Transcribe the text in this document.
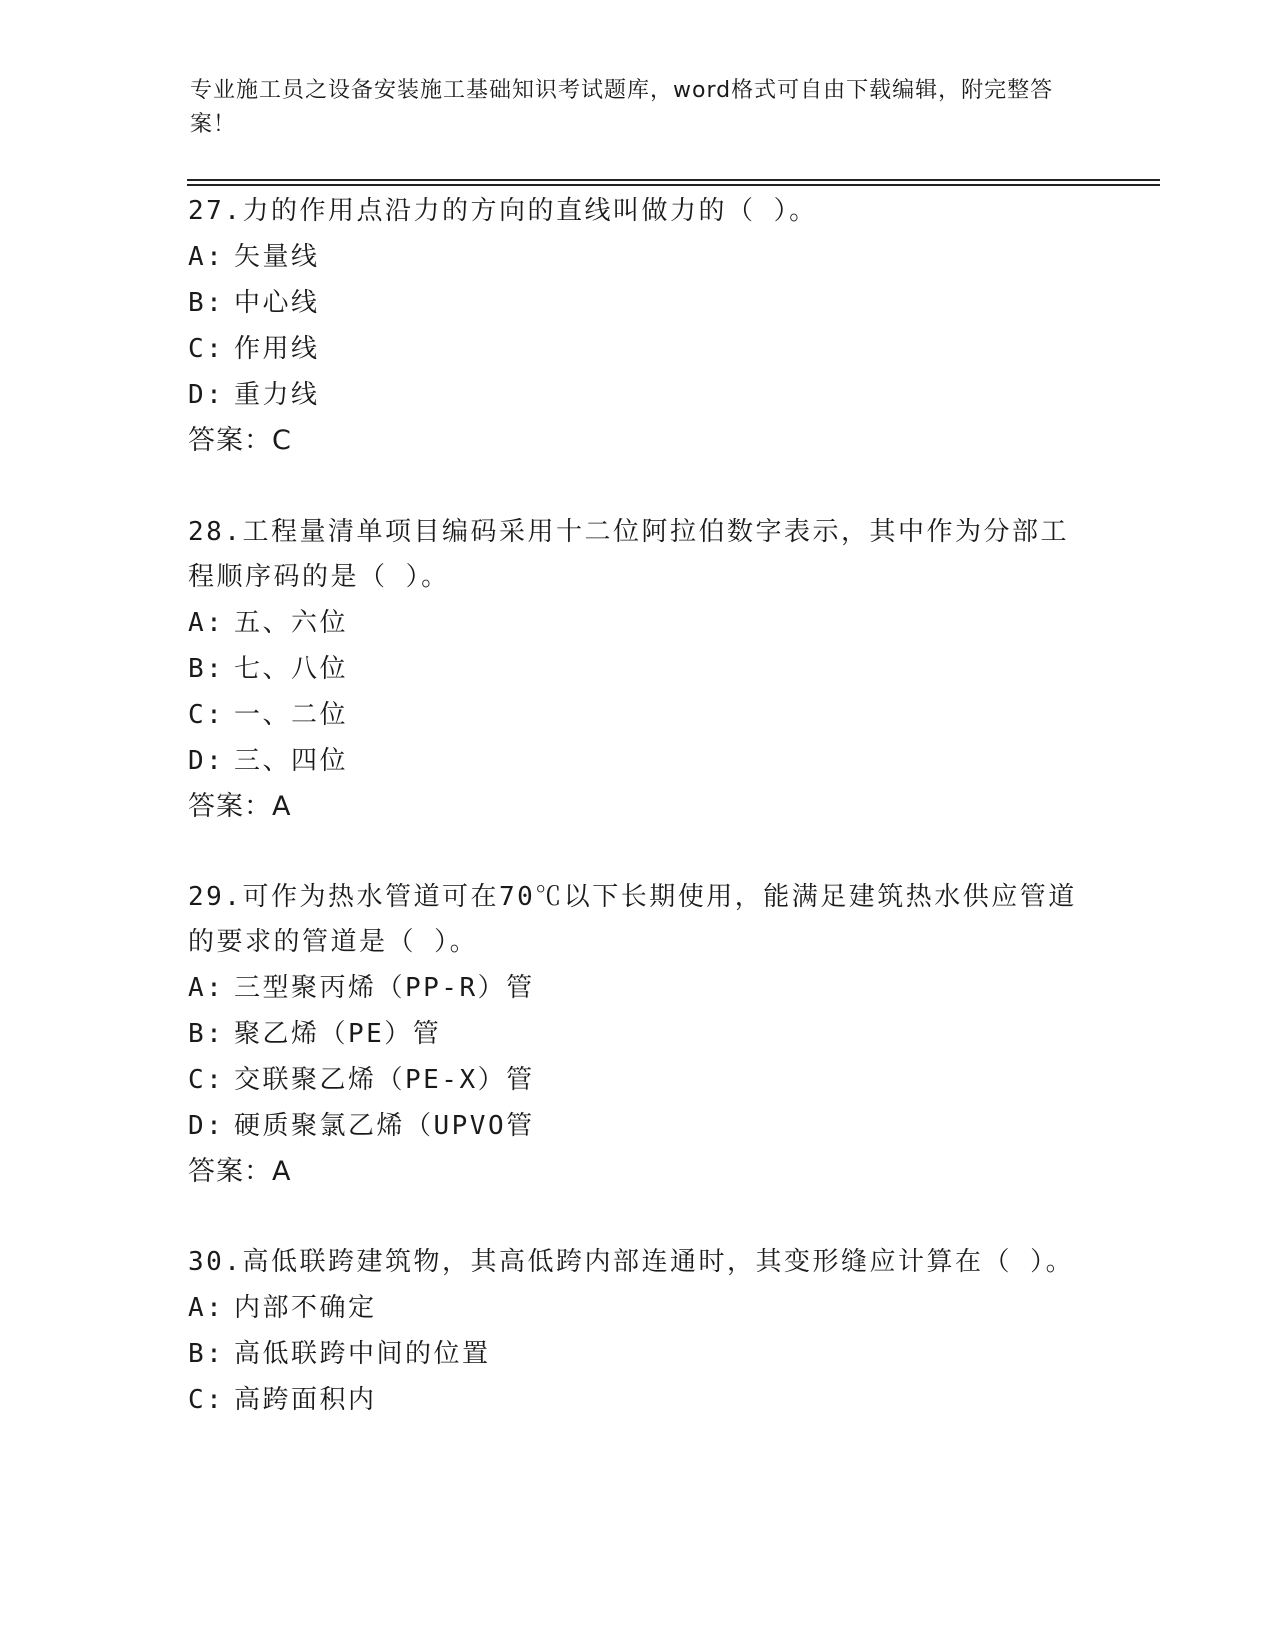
专业施工员之设备安装施工基础知识考试题库，word格式可自由下载编辑，附完整答案！

27.力的作用点沿力的方向的直线叫做力的（ ）。

A: 矢量线

B: 中心线

C: 作用线

D: 重力线

答案：C

28.工程量清单项目编码采用十二位阿拉伯数字表示，其中作为分部工程顺序码的是（ ）。

A: 五、六位

B: 七、八位

C: 一、二位

D: 三、四位

答案：A

29.可作为热水管道可在70℃以下长期使用，能满足建筑热水供应管道的要求的管道是（ ）。

A: 三型聚丙烯（PP-R）管

B: 聚乙烯（PE）管

C: 交联聚乙烯（PE-X）管

D: 硬质聚氯乙烯（UPVO管

答案：A

30.高低联跨建筑物，其高低跨内部连通时，其变形缝应计算在（ ）。

A: 内部不确定

B: 高低联跨中间的位置

C: 高跨面积内
